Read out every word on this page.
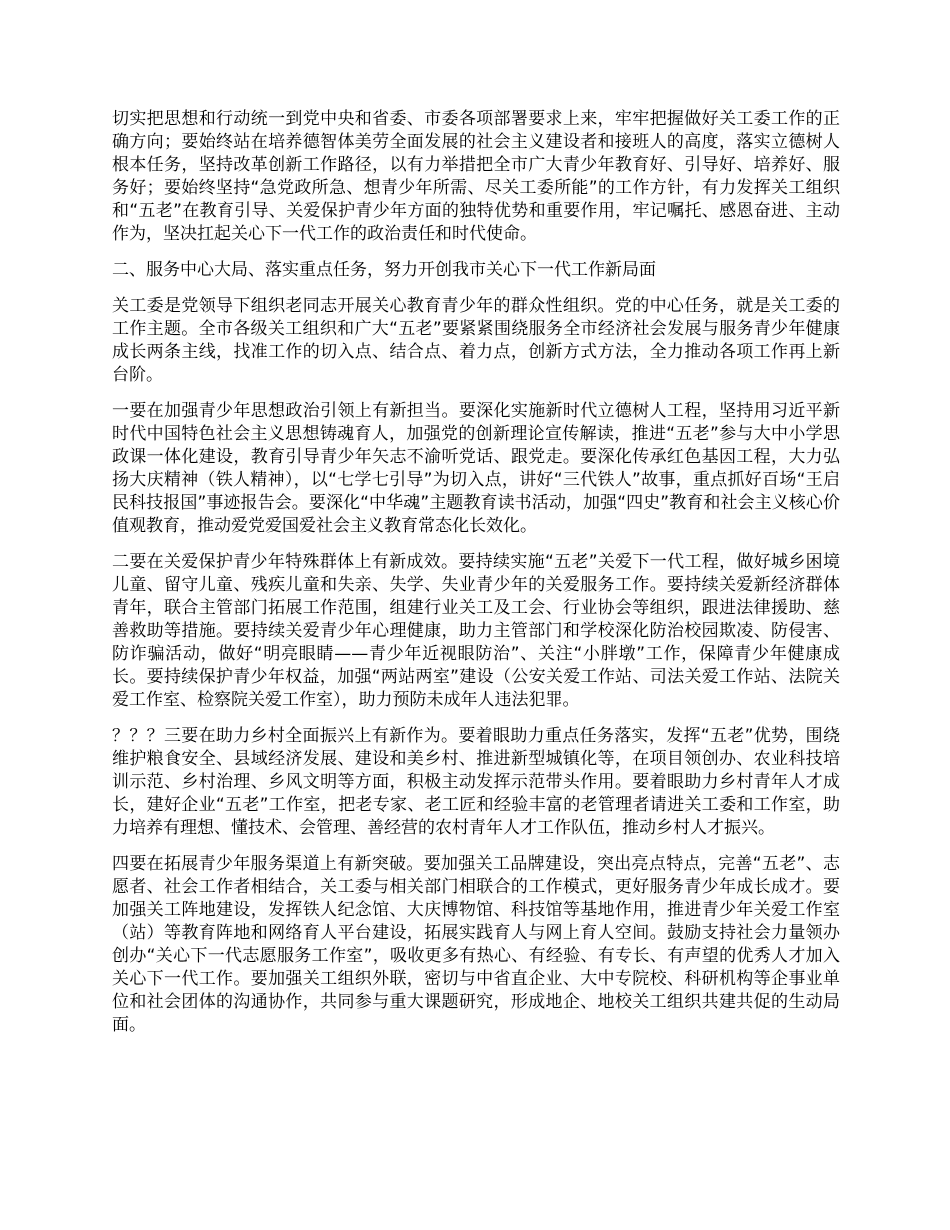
切实把思想和行动统一到党中央和省委、市委各项部署要求上来，牢牢把握做好关工委工作的正确方向；要始终站在培养德智体美劳全面发展的社会主义建设者和接班人的高度，落实立德树人根本任务，坚持改革创新工作路径，以有力举措把全市广大青少年教育好、引导好、培养好、服务好；要始终坚持“急党政所急、想青少年所需、尽关工委所能”的工作方针，有力发挥关工组织和“五老”在教育引导、关爱保护青少年方面的独特优势和重要作用，牢记嘱托、感恩奋进、主动作为，坚决扛起关心下一代工作的政治责任和时代使命。

二、服务中心大局、落实重点任务，努力开创我市关心下一代工作新局面

关工委是党领导下组织老同志开展关心教育青少年的群众性组织。党的中心任务，就是关工委的工作主题。全市各级关工组织和广大“五老”要紧紧围绕服务全市经济社会发展与服务青少年健康成长两条主线，找准工作的切入点、结合点、着力点，创新方式方法，全力推动各项工作再上新台阶。

一要在加强青少年思想政治引领上有新担当。要深化实施新时代立德树人工程，坚持用习近平新时代中国特色社会主义思想铸魂育人，加强党的创新理论宣传解读，推进“五老”参与大中小学思政课一体化建设，教育引导青少年矢志不渝听党话、跟党走。要深化传承红色基因工程，大力弘扬大庆精神（铁人精神），以“七学七引导”为切入点，讲好“三代铁人”故事，重点抓好百场“王启民科技报国”事迹报告会。要深化“中华魂”主题教育读书活动，加强“四史”教育和社会主义核心价值观教育，推动爱党爱国爱社会主义教育常态化长效化。

二要在关爱保护青少年特殊群体上有新成效。要持续实施“五老”关爱下一代工程，做好城乡困境儿童、留守儿童、残疾儿童和失亲、失学、失业青少年的关爱服务工作。要持续关爱新经济群体青年，联合主管部门拓展工作范围，组建行业关工及工会、行业协会等组织，跟进法律援助、慈善救助等措施。要持续关爱青少年心理健康，助力主管部门和学校深化防治校园欺凌、防侵害、防诈骗活动，做好“明亮眼睛——青少年近视眼防治”、关注“小胖墩”工作，保障青少年健康成长。要持续保护青少年权益，加强“两站两室”建设（公安关爱工作站、司法关爱工作站、法院关爱工作室、检察院关爱工作室），助力预防未成年人违法犯罪。

？？？三要在助力乡村全面振兴上有新作为。要着眼助力重点任务落实，发挥“五老”优势，围绕维护粮食安全、县域经济发展、建设和美乡村、推进新型城镇化等，在项目领创办、农业科技培训示范、乡村治理、乡风文明等方面，积极主动发挥示范带头作用。要着眼助力乡村青年人才成长，建好企业“五老”工作室，把老专家、老工匠和经验丰富的老管理者请进关工委和工作室，助力培养有理想、懂技术、会管理、善经营的农村青年人才工作队伍，推动乡村人才振兴。

四要在拓展青少年服务渠道上有新突破。要加强关工品牌建设，突出亮点特点，完善“五老”、志愿者、社会工作者相结合，关工委与相关部门相联合的工作模式，更好服务青少年成长成才。要加强关工阵地建设，发挥铁人纪念馆、大庆博物馆、科技馆等基地作用，推进青少年关爱工作室（站）等教育阵地和网络育人平台建设，拓展实践育人与网上育人空间。鼓励支持社会力量领办创办“关心下一代志愿服务工作室”，吸收更多有热心、有经验、有专长、有声望的优秀人才加入关心下一代工作。要加强关工组织外联，密切与中省直企业、大中专院校、科研机构等企事业单位和社会团体的沟通协作，共同参与重大课题研究，形成地企、地校关工组织共建共促的生动局面。
